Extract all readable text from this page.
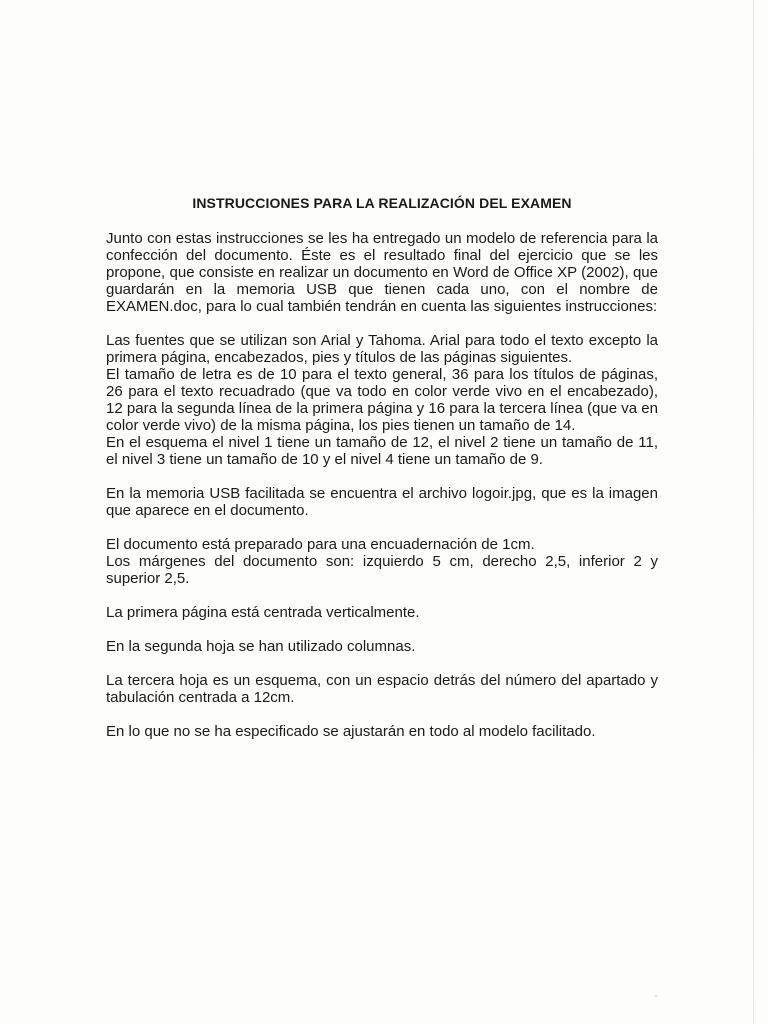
INSTRUCCIONES PARA LA REALIZACIÓN DEL EXAMEN

Junto con estas instrucciones se les ha entregado un modelo de referencia para la confección del documento. Éste es el resultado final del ejercicio que se les propone, que consiste en realizar un documento en Word de Office XP (2002), que guardarán en la memoria USB que tienen cada uno, con el nombre de EXAMEN.doc, para lo cual también tendrán en cuenta las siguientes instrucciones:

Las fuentes que se utilizan son Arial y Tahoma. Arial para todo el texto excepto la primera página, encabezados, pies y títulos de las páginas siguientes.

El tamaño de letra es de 10 para el texto general, 36 para los títulos de páginas, 26 para el texto recuadrado (que va todo en color verde vivo en el encabezado), 12 para la segunda línea de la primera página y 16 para la tercera línea (que va en color verde vivo) de la misma página, los pies tienen un tamaño de 14.

En el esquema el nivel 1 tiene un tamaño de 12, el nivel 2 tiene un tamaño de 11, el nivel 3 tiene un tamaño de 10 y el nivel 4 tiene un tamaño de 9.

En la memoria USB facilitada se encuentra el archivo logoir.jpg, que es la imagen que aparece en el documento.

El documento está preparado para una encuadernación de 1cm.

Los márgenes del documento son: izquierdo 5 cm, derecho 2,5, inferior 2 y superior 2,5.

La primera página está centrada verticalmente.

En la segunda hoja se han utilizado columnas.

La tercera hoja es un esquema, con un espacio detrás del número del apartado y tabulación centrada a 12cm.

En lo que no se ha especificado se ajustarán en todo al modelo facilitado.
